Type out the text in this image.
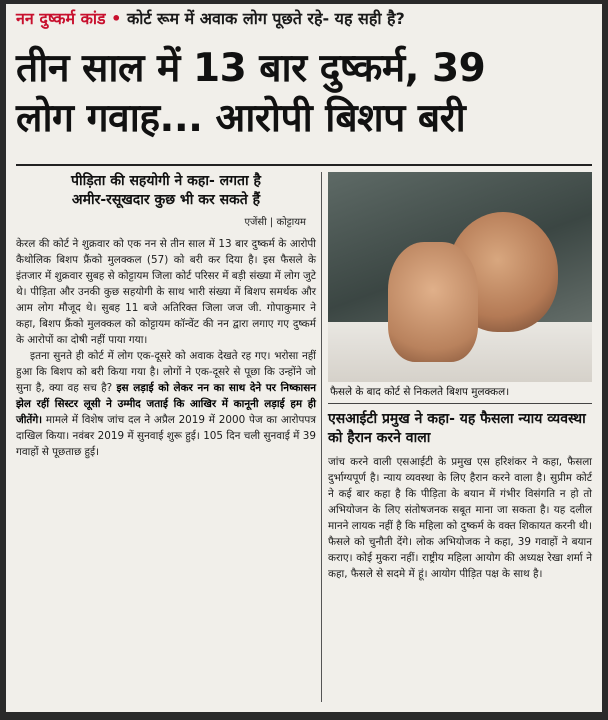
नन दुष्कर्म कांड • कोर्ट रूम में अवाक लोग पूछते रहे- यह सही है?
तीन साल में 13 बार दुष्कर्म, 39
लोग गवाह... आरोपी बिशप बरी
पीड़िता की सहयोगी ने कहा- लगता है
अमीर-रसूखदार कुछ भी कर सकते हैं
एजेंसी | कोट्टायम

केरल की कोर्ट ने शुक्रवार को एक नन से तीन साल में 13 बार दुष्कर्म के आरोपी कैथोलिक बिशप फ्रैंको मुलक्कल (57) को बरी कर दिया है। इस फैसले के इंतजार में शुक्रवार सुबह से कोट्टायम जिला कोर्ट परिसर में बड़ी संख्या में लोग जुटे थे। पीड़िता और उनकी कुछ सहयोगी के साथ भारी संख्या में बिशप समर्थक और आम लोग मौजूद थे। सुबह 11 बजे अतिरिक्त जिला जज जी. गोपाकुमार ने कहा, बिशप फ्रैंको मुलक्कल को कोट्टायम कॉन्वेंट की नन द्वारा लगाए गए दुष्कर्म के आरोपों का दोषी नहीं पाया गया।

इतना सुनते ही कोर्ट में लोग एक-दूसरे को अवाक देखते रह गए। भरोसा नहीं हुआ कि बिशप को बरी किया गया है। लोगों ने एक-दूसरे से पूछा कि उन्होंने जो सुना है, क्या वह सच है? इस लड़ाई को लेकर नन का साथ देने पर निष्कासन झेल रहीं सिस्टर लूसी ने उम्मीद जताई कि आखिर में कानूनी लड़ाई हम ही जीतेंगे। मामले में विशेष जांच दल ने अप्रैल 2019 में 2000 पेज का आरोपपत्र दाखिल किया। नवंबर 2019 में सुनवाई शुरू हुई। 105 दिन चली सुनवाई में 39 गवाहों से पूछताछ हुई।

फैसले के बाद कोर्ट से निकलते बिशप मुलक्कल।
एसआईटी प्रमुख ने कहा- यह फैसला न्याय व्यवस्था को हैरान करने वाला
जांच करने वाली एसआईटी के प्रमुख एस हरिशंकर ने कहा, फैसला दुर्भाग्यपूर्ण है। न्याय व्यवस्था के लिए हैरान करने वाला है। सुप्रीम कोर्ट ने कई बार कहा है कि पीड़िता के बयान में गंभीर विसंगति न हो तो अभियोजन के लिए संतोषजनक सबूत माना जा सकता है। यह दलील मानने लायक नहीं है कि महिला को दुष्कर्म के वक्त शिकायत करनी थी। फैसले को चुनौती देंगे। लोक अभियोजक ने कहा, 39 गवाहों ने बयान कराए। कोई मुकरा नहीं। राष्ट्रीय महिला आयोग की अध्यक्ष रेखा शर्मा ने कहा, फैसले से सदमे में हूं। आयोग पीड़ित पक्ष के साथ है।
